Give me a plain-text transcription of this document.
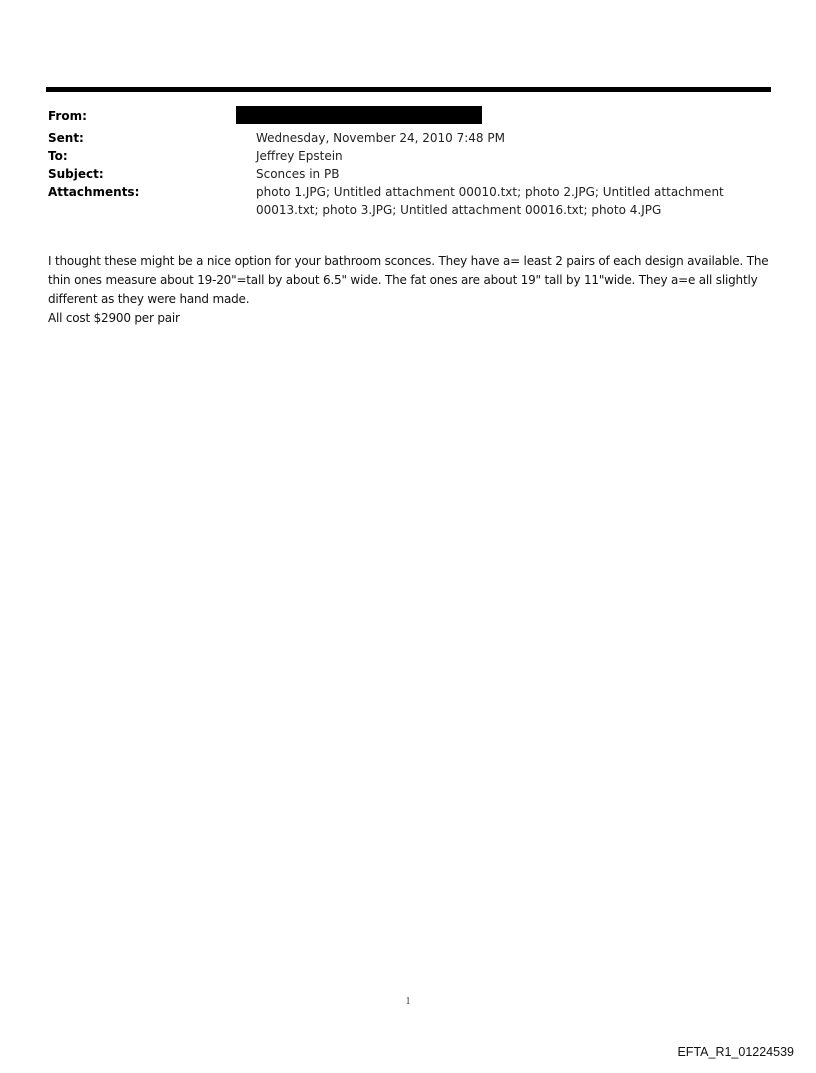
From:
Sent:	Wednesday, November 24, 2010 7:48 PM
To:	Jeffrey Epstein
Subject:	Sconces in PB
Attachments:	photo 1.JPG; Untitled attachment 00010.txt; photo 2.JPG; Untitled attachment 00013.txt; photo 3.JPG; Untitled attachment 00016.txt; photo 4.JPG

I thought these might be a nice option for your bathroom sconces. They have a= least 2 pairs of each design available. The thin ones measure about 19-20"=tall by about 6.5" wide. The fat ones are about 19" tall by 11"wide. They a=e all slightly different as they were hand made.

All cost $2900 per pair

1
EFTA_R1_01224539
